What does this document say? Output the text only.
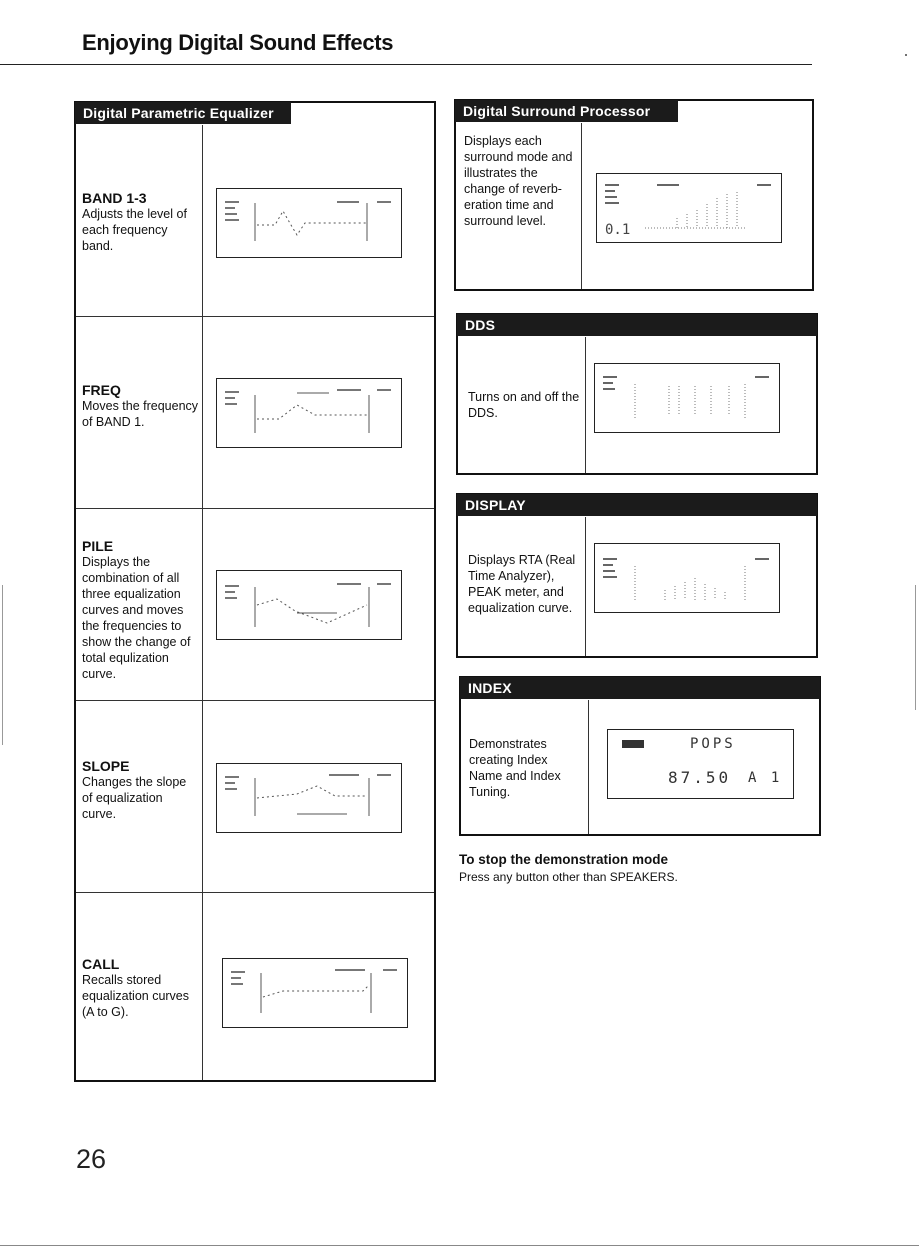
Enjoying Digital Sound Effects
Digital Parametric Equalizer
BAND 1-3
Adjusts the level of each frequency band.
FREQ
Moves the frequency of BAND 1.
PILE
Displays the combination of all three equalization curves and moves the frequencies to show the change of total equlization curve.
SLOPE
Changes the slope of equalization curve.
CALL
Recalls stored equalization curves (A to G).
Digital Surround Processor
Displays each surround mode and illustrates the change of reverb-eration time and surround level.
0.1
DDS
Turns on and off the DDS.
DISPLAY
Displays RTA (Real Time Analyzer), PEAK meter, and equalization curve.
INDEX
Demonstrates creating Index Name and Index Tuning.
POPS
87.50 A 1

To stop the demonstration mode

Press any button other than SPEAKERS.

26
